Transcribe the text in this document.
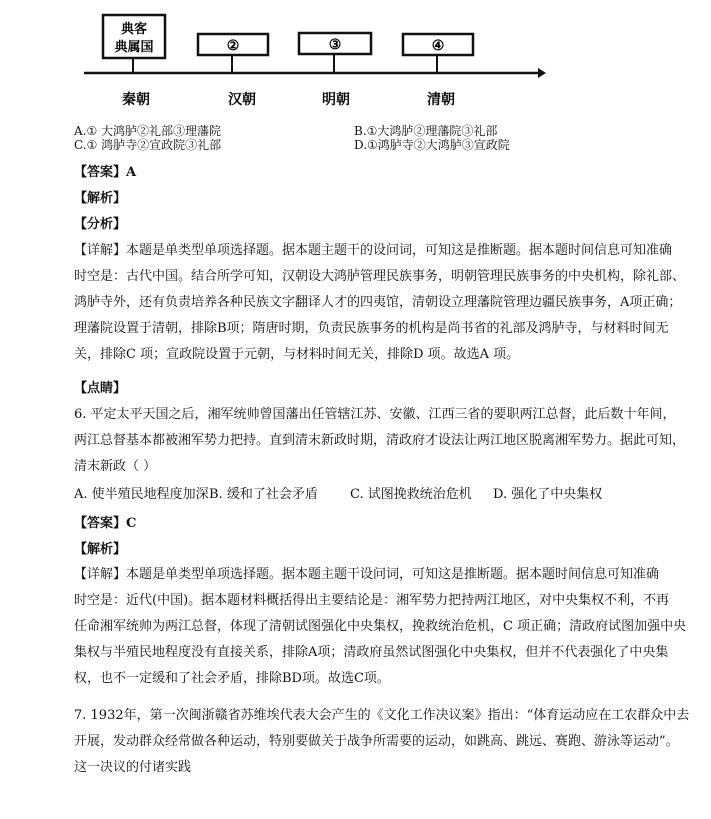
典客
典属国	②	③	④
秦朝	汉朝	明朝	清朝
A.① 大鸿胪②礼部③理藩院	B.①大鸿胪②理藩院③礼部
C.① 鸿胪寺②宣政院③礼部	D.①鸿胪寺②大鸿胪③宣政院
【答案】A
【解析】
【分析】
【详解】本题是单类型单项选择题。据本题主题干的设问词，可知这是推断题。据本题时间信息可知准确
时空是：古代中国。结合所学可知，汉朝设大鸿胪管理民族事务，明朝管理民族事务的中央机构，除礼部、
鸿胪寺外，还有负责培养各种民族文字翻译人才的四夷馆，清朝设立理藩院管理边疆民族事务，A项正确；
理藩院设置于清朝，排除B项；隋唐时期，负责民族事务的机构是尚书省的礼部及鸿胪寺，与材料时间无
关，排除C 项；宣政院设置于元朝，与材料时间无关，排除D 项。故选A 项。
【点睛】
6. 平定太平天国之后，湘军统帅曾国藩出任管辖江苏、安徽、江西三省的要职两江总督，此后数十年间，
两江总督基本都被湘军势力把持。直到清末新政时期，清政府才设法让两江地区脱离湘军势力。据此可知，
清末新政（ ）
A. 使半殖民地程度加深 B. 缓和了社会矛盾 C. 试图挽救统治危机 D. 强化了中央集权
【答案】C
【解析】
【详解】本题是单类型单项选择题。据本题主题干设问词，可知这是推断题。据本题时间信息可知准确
时空是：近代(中国)。据本题材料概括得出主要结论是：湘军势力把持两江地区，对中央集权不利，不再
任命湘军统帅为两江总督，体现了清朝试图强化中央集权，挽救统治危机，C 项正确；清政府试图加强中央
集权与半殖民地程度没有直接关系，排除A项；清政府虽然试图强化中央集权，但并不代表强化了中央集
权，也不一定缓和了社会矛盾，排除BD项。故选C项。
7. 1932年，第一次闽浙赣省苏维埃代表大会产生的《文化工作决议案》指出：“体育运动应在工农群众中去
开展，发动群众经常做各种运动，特别要做关于战争所需要的运动，如跳高、跳远、赛跑、游泳等运动”。
这一决议的付诸实践
